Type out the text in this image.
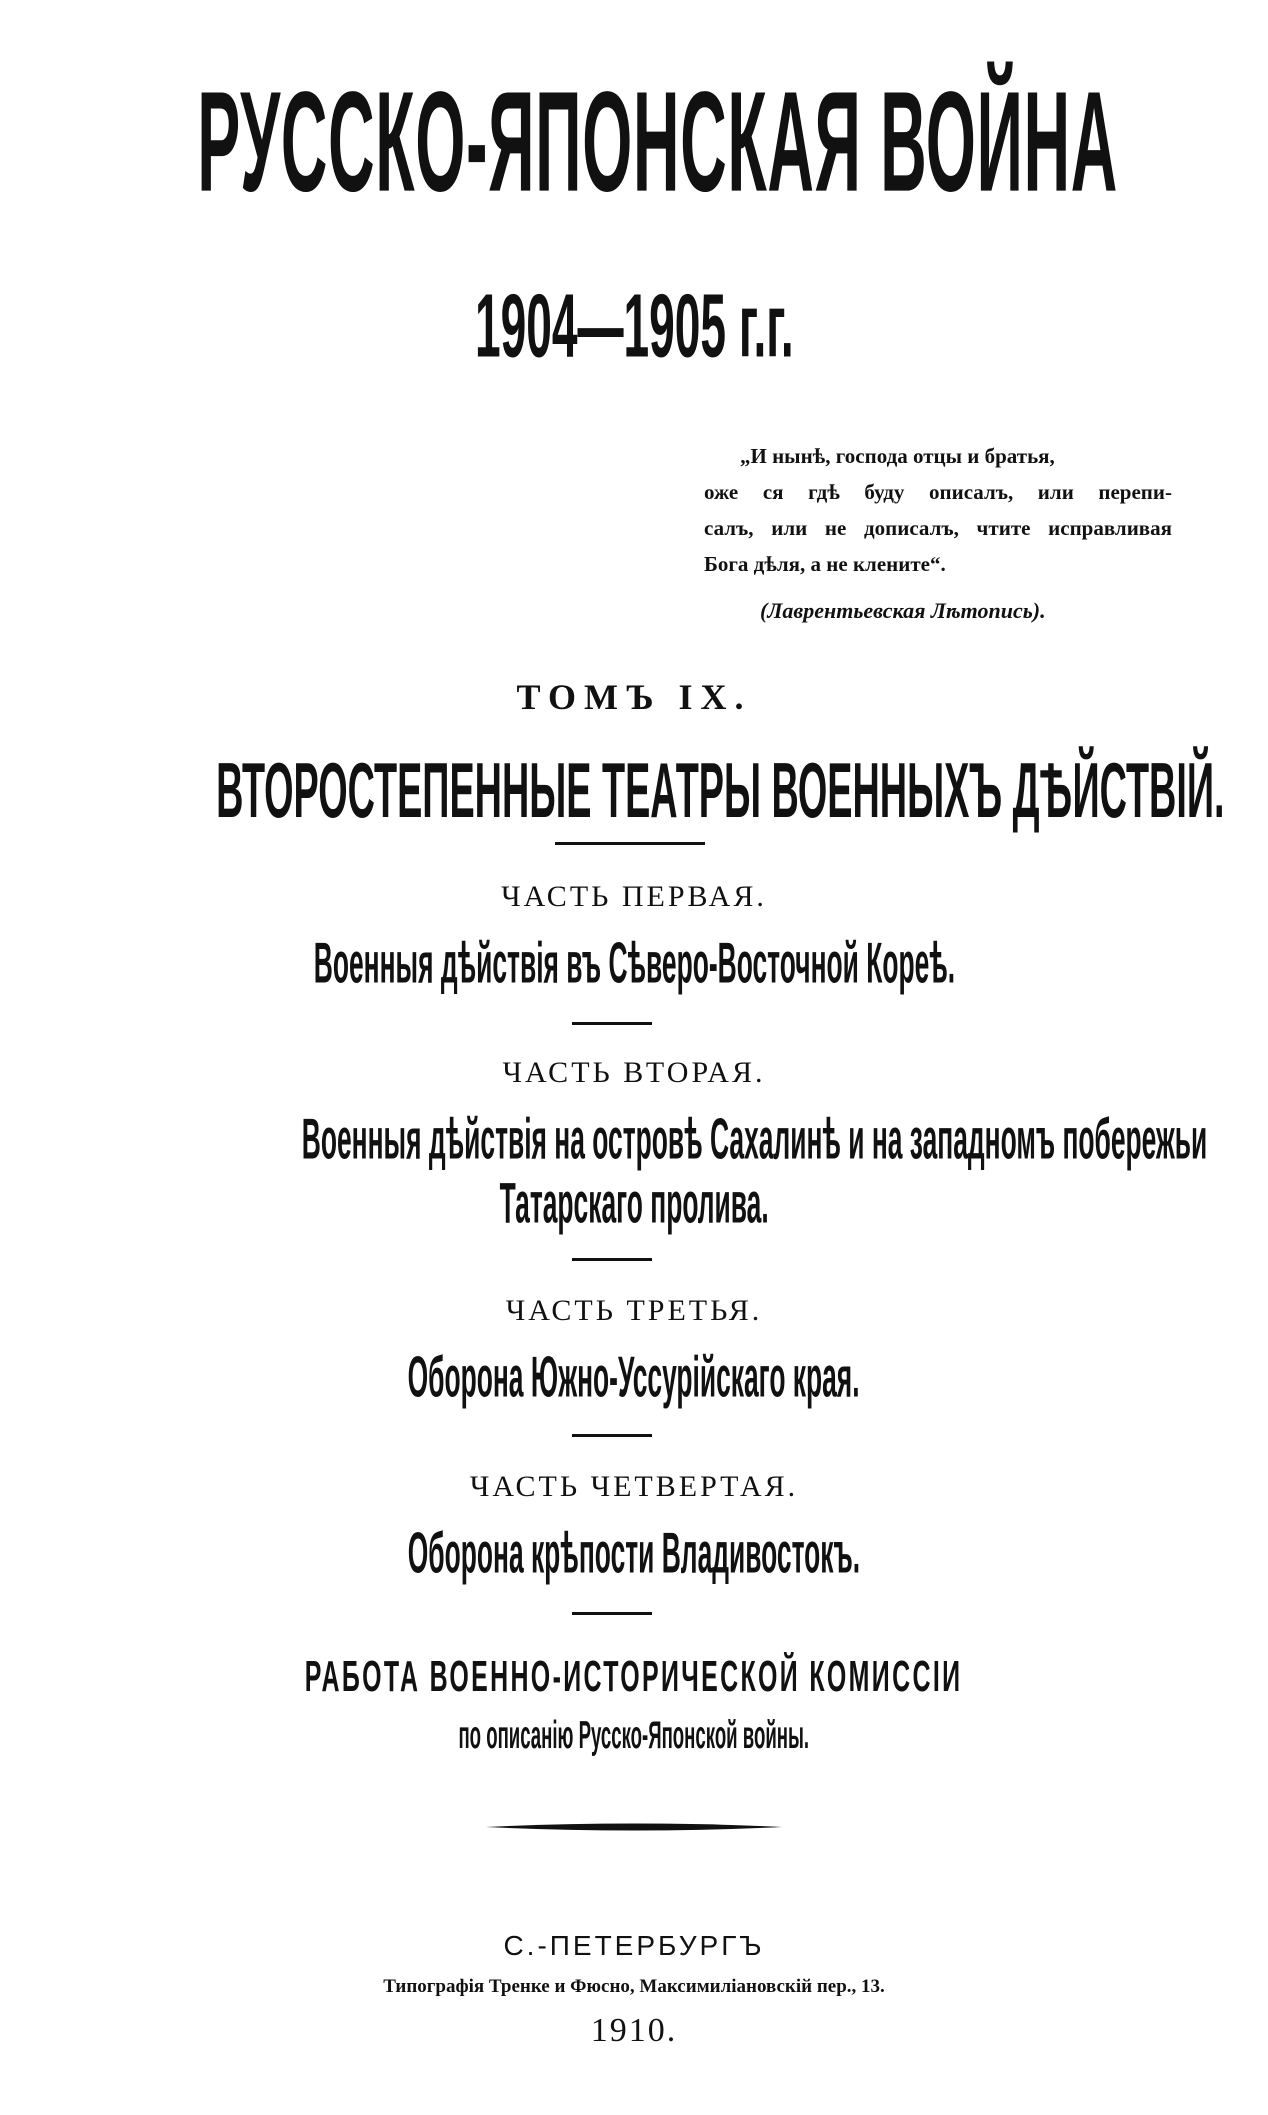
РУССКО-ЯПОНСКАЯ ВОЙНА
1904—1905 г.г.
„И нынѣ, господа отцы и братья,
оже ся гдѣ буду описалъ, или перепи-
салъ, или не дописалъ, чтите исправливая
Бога дѣля, а не клените“.
(Лаврентьевская Лѣтопись).
ТОМЪ IX.
ВТОРОСТЕПЕННЫЕ ТЕАТРЫ ВОЕННЫХЪ ДѢЙСТВІЙ.
ЧАСТЬ ПЕРВАЯ.
Военныя дѣйствія въ Сѣверо-Восточной Кореѣ.
ЧАСТЬ ВТОРАЯ.
Военныя дѣйствія на островѣ Сахалинѣ и на западномъ побережьи
Татарскаго пролива.
ЧАСТЬ ТРЕТЬЯ.
Оборона Южно-Уссурійскаго края.
ЧАСТЬ ЧЕТВЕРТАЯ.
Оборона крѣпости Владивостокъ.
РАБОТА ВОЕННО-ИСТОРИЧЕСКОЙ КОМИССІИ
по описанію Русско-Японской войны.
С.-ПЕТЕРБУРГЪ
Типографія Тренке и Фюсно, Максимиліановскій пер., 13.
1910.
